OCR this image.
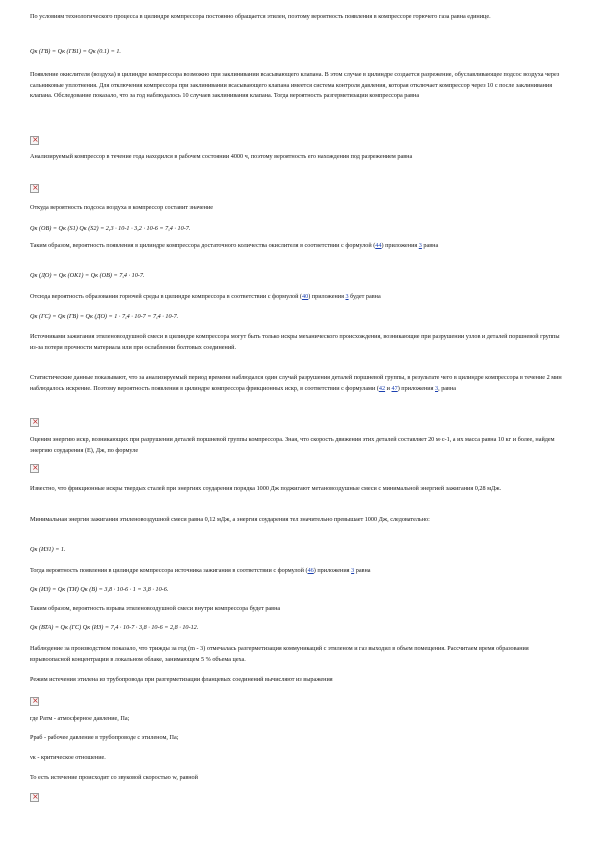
По условиям технологического процесса в цилиндре компрессора постоянно обращается этилен, поэтому вероятность появления в компрессоре горючего газа равна единице.

Qк (ГВ) = Qк (ГВ1) = Qк (0.1) = 1.

Появление окислителя (воздуха) в цилиндре компрессора возможно при заклинивании всасывающего клапана. В этом случае в цилиндре создается разрежение, обуславливающее подсос воздуха через сальниковые уплотнения. Для отключения компрессора при заклинивании всасывающего клапана имеется система контроля давления, которая отключает компрессор через 10 с после заклинивания клапана. Обследование показало, что за год наблюдалось 10 случаев заклинивания клапана. Тогда вероятность разгерметизации компрессора равна

×

Анализируемый компрессор в течение года находился в рабочем состоянии 4000 ч, поэтому вероятность его нахождения под разрежением равна

×

Откуда вероятность подсоса воздуха в компрессор составит значение

Qк (ОВ) = Qк (S1) Qк (S2) = 2,3 · 10-1 · 3,2 · 10-6 = 7,4 · 10-7.

Таким образом, вероятность появления в цилиндре компрессора достаточного количества окислителя в соответствии с формулой (44) приложения 3 равна

Qк (ДО) = Qк (ОК1) = Qк (ОВ) = 7,4 · 10-7.

Отсюда вероятность образования горючей среды в цилиндре компрессора в соответствии с формулой (40) приложения 3 будет равна

Qк (ГС) = Qк (ГВ) = Qк (ДО) = 1 · 7,4 · 10-7 = 7,4 · 10-7.

Источниками зажигания этиленовоздушной смеси в цилиндре компрессора могут быть только искры механического происхождения, возникающие при разрушении узлов и деталей поршневой группы из-за потери прочности материала или при ослаблении болтовых соединений.

Статистические данные показывают, что за анализируемый период времени наблюдался один случай разрушения деталей поршневой группы, в результате чего в цилиндре компрессора в течение 2 мин наблюдалось искрение. Поэтому вероятность появления в цилиндре компрессора фрикционных искр, в соответствии с формулами (42 и 47) приложения 3, равна

×

Оценим энергию искр, возникающих при разрушении деталей поршневой группы компрессора. Зная, что скорость движения этих деталей составляет 20 м·с-1, а их масса равна 10 кг и более, найдем энергию соударения (E), Дж, по формуле

×

Известно, что фрикционные искры твердых сталей при энергиях соударения порядка 1000 Дж поджигают метановоздушные смеси с минимальной энергией зажигания 0,28 мДж.

Минимальная энергия зажигания этиленовоздушной смеси равна 0,12 мДж, а энергия соударения тел значительно превышает 1000 Дж, следовательно:

Qк (ИЗ1) = 1.

Тогда вероятность появления в цилиндре компрессора источника зажигания в соответствии с формулой (46) приложения 3 равна

Qк (ИЗ) = Qк (ТИ) Qк (В) = 3,8 · 10-6 · 1 = 3,8 · 10-6.

Таким образом, вероятность взрыва этиленовоздушной смеси внутри компрессора будет равна

Qк (ВТА) = Qк (ГС) Qк (ИЗ) = 7,4 · 10-7 · 3,8 · 10-6 = 2,8 · 10-12.

Наблюдение за производством показало, что трижды за год (m - 3) отмечалась разгерметизация коммуникаций с этиленом и газ выходил в объем помещения. Рассчитаем время образования взрывоопасной концентрации в локальном облаке, занимающем 5 % объема цеха.

Режим истечения этилена из трубопровода при разгерметизации фланцевых соединений вычисляют из выражения

×

где Ратм - атмосферное давление, Па;

Рраб - рабочее давление в трубопроводе с этиленом, Па;

νк - критическое отношение.

То есть истечение происходит со звуковой скоростью w, равной

×
